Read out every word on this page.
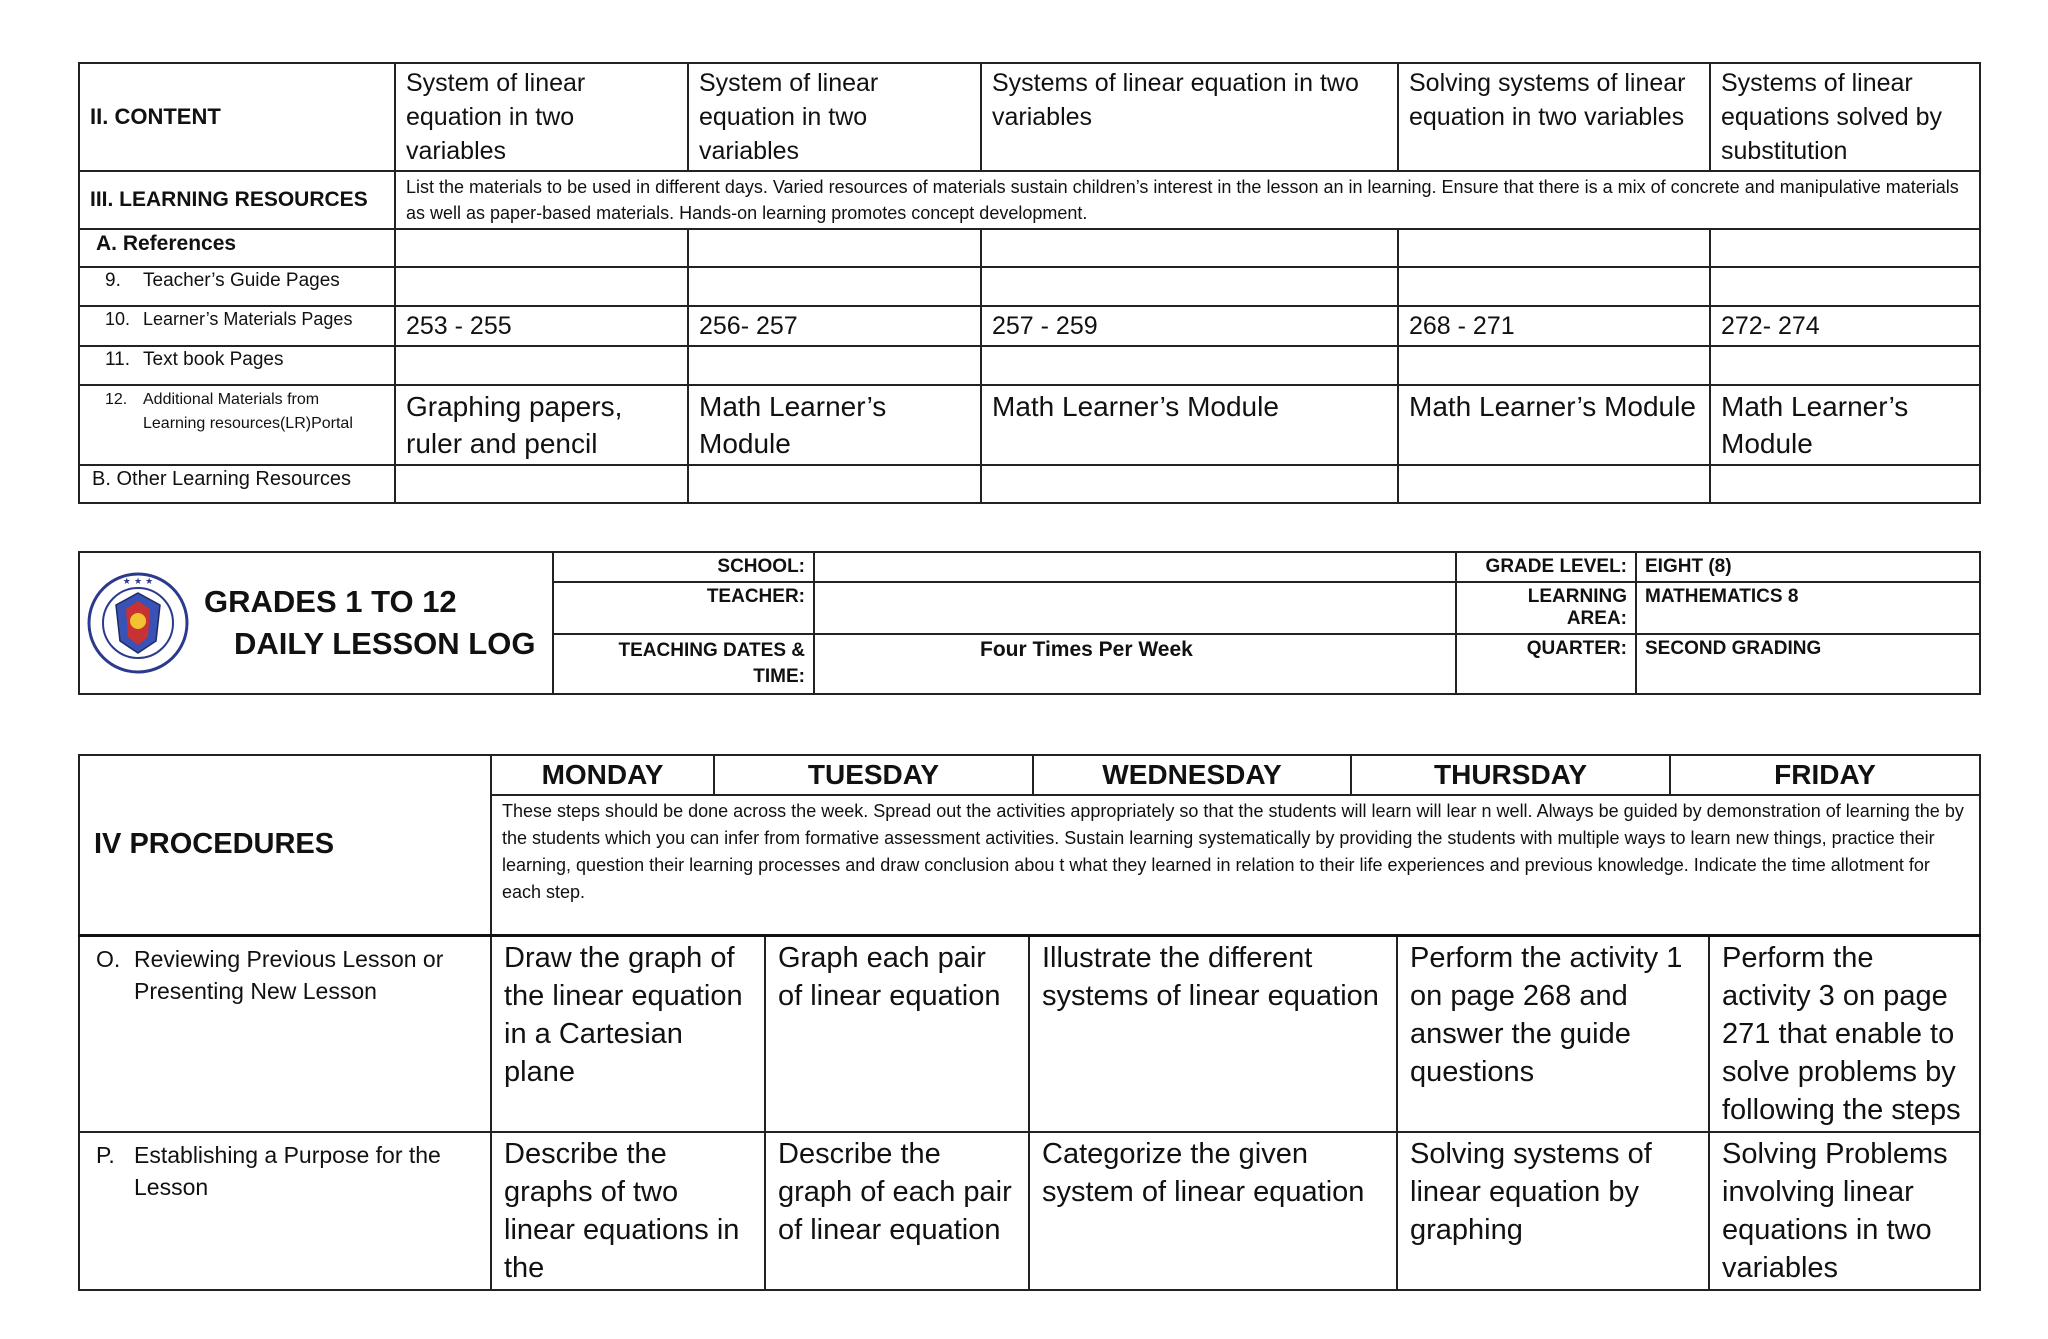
II. CONTENT	System of linear equation in two variables	System of linear equation in two variables	Systems of linear equation in two variables	Solving systems of linear equation in two variables	Systems of linear equations solved by substitution
III. LEARNING RESOURCES	List the materials to be used in different days. Varied resources of materials sustain children’s interest in the lesson an in learning. Ensure that there is a mix of concrete and manipulative materials as well as paper-based materials. Hands-on learning promotes concept development.				
A. References					
9. Teacher’s Guide Pages					
10. Learner’s Materials Pages	253 - 255	256- 257	257 - 259	268 - 271	272- 274
11. Text book Pages					

12. Additional Materials from Learning resources(LR)Portal	Graphing papers, ruler and pencil	Math Learner’s Module	Math Learner’s Module	Math Learner’s Module	Math Learner’s Module
B. Other Learning Resources					
★ ★ ★
GRADES 1 TO 12
DAILY LESSON LOG	SCHOOL:		GRADE LEVEL:	EIGHT (8)
	TEACHER:		LEARNING AREA:	MATHEMATICS 8
	TEACHING DATES & TIME:	Four Times Per Week	QUARTER:	SECOND GRADING
IV PROCEDURES	MONDAY TUESDAY WEDNESDAY THURSDAY FRIDAY				

	These steps should be done across the week. Spread out the activities appropriately so that the students will learn will lear n well. Always be guided by demonstration of learning the by the students which you can infer from formative assessment activities. Sustain learning systematically by providing the students with multiple ways to learn new things, practice their learning, question their learning processes and draw conclusion abou t what they learned in relation to their life experiences and previous knowledge. Indicate the time allotment for each step.				

O. Reviewing Previous Lesson or Presenting New Lesson	Draw the graph of the linear equation in a Cartesian plane	Graph each pair of linear equation	Illustrate the different systems of linear equation	Perform the activity 1 on page 268 and answer the guide questions	Perform the activity 3 on page 271 that enable to solve problems by following the steps

P. Establishing a Purpose for the Lesson	Describe the graphs of two linear equations in the	Describe the graph of each pair of linear equation	Categorize the given system of linear equation	Solving systems of linear equation by graphing	Solving Problems involving linear equations in two variables
